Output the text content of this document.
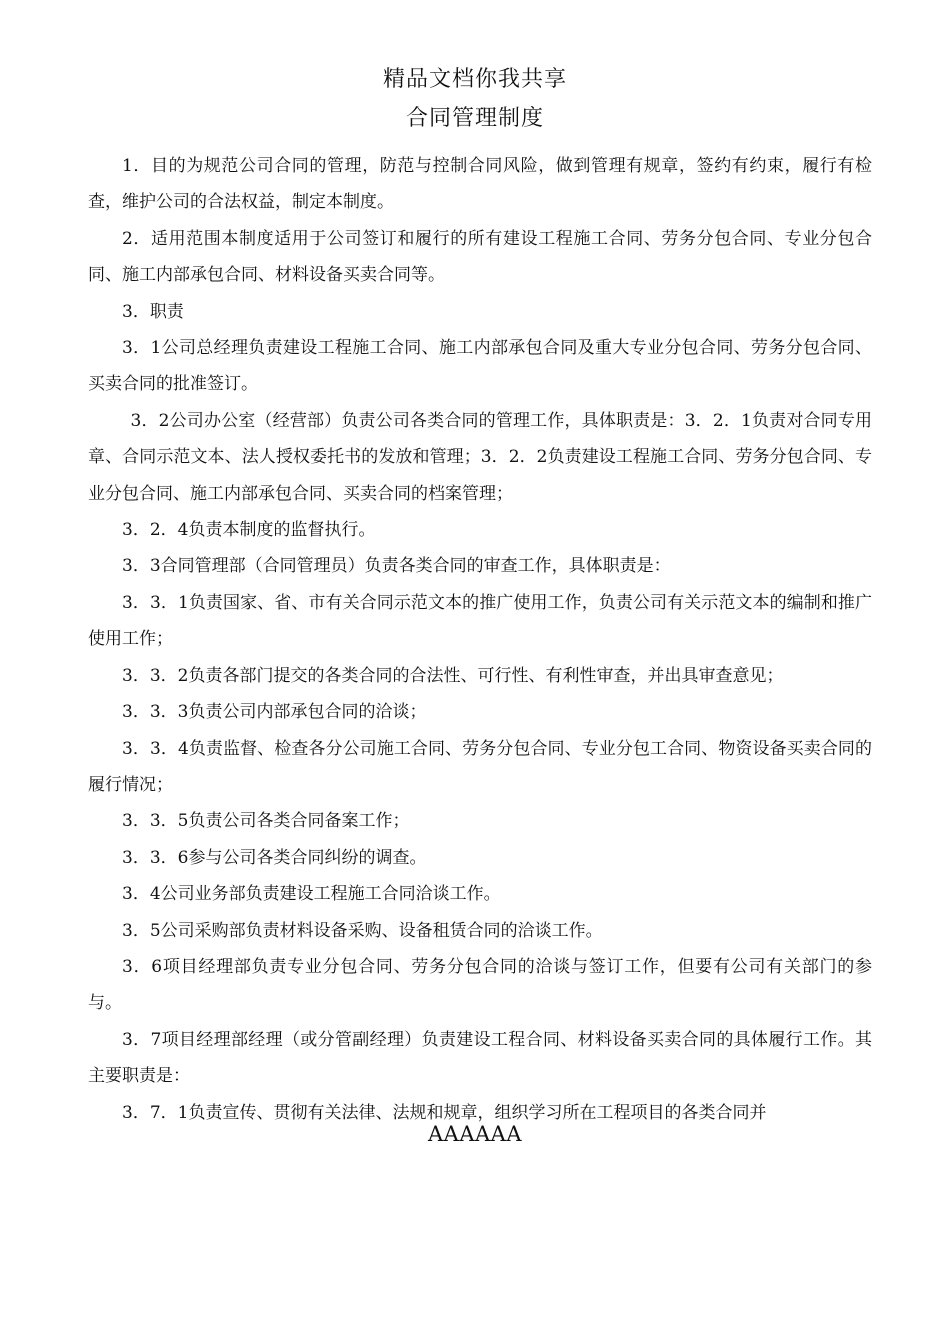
精品文档你我共享
合同管理制度

1．目的为规范公司合同的管理，防范与控制合同风险，做到管理有规章，签约有约束，履行有检查，维护公司的合法权益，制定本制度。

2．适用范围本制度适用于公司签订和履行的所有建设工程施工合同、劳务分包合同、专业分包合同、施工内部承包合同、材料设备买卖合同等。

3．职责

3．1公司总经理负责建设工程施工合同、施工内部承包合同及重大专业分包合同、劳务分包合同、买卖合同的批准签订。

3．2公司办公室（经营部）负责公司各类合同的管理工作，具体职责是：3．2．1负责对合同专用章、合同示范文本、法人授权委托书的发放和管理；3．2．2负责建设工程施工合同、劳务分包合同、专业分包合同、施工内部承包合同、买卖合同的档案管理；

3．2．4负责本制度的监督执行。

3．3合同管理部（合同管理员）负责各类合同的审查工作，具体职责是：

3．3．1负责国家、省、市有关合同示范文本的推广使用工作，负责公司有关示范文本的编制和推广使用工作；

3．3．2负责各部门提交的各类合同的合法性、可行性、有利性审查，并出具审查意见；

3．3．3负责公司内部承包合同的洽谈；

3．3．4负责监督、检查各分公司施工合同、劳务分包合同、专业分包工合同、物资设备买卖合同的履行情况；

3．3．5负责公司各类合同备案工作；

3．3．6参与公司各类合同纠纷的调查。

3．4公司业务部负责建设工程施工合同洽谈工作。

3．5公司采购部负责材料设备采购、设备租赁合同的洽谈工作。

3．6项目经理部负责专业分包合同、劳务分包合同的洽谈与签订工作，但要有公司有关部门的参与。

3．7项目经理部经理（或分管副经理）负责建设工程合同、材料设备买卖合同的具体履行工作。其主要职责是：

3．7．1负责宣传、贯彻有关法律、法规和规章，组织学习所在工程项目的各类合同并

AAAAAA
